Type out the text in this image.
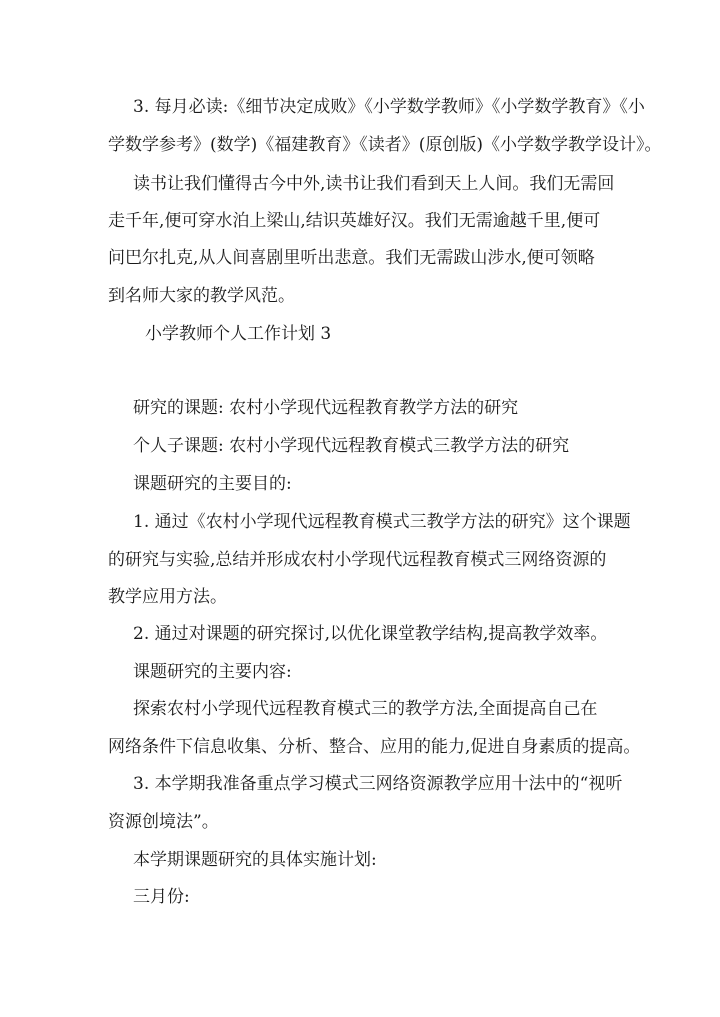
3. 每月必读:《细节决定成败》《小学数学教师》《小学数学教育》《小
学数学参考》(数学)《福建教育》《读者》(原创版)《小学数学教学设计》。
读书让我们懂得古今中外,读书让我们看到天上人间。我们无需回
走千年,便可穿水泊上梁山,结识英雄好汉。我们无需逾越千里,便可
问巴尔扎克,从人间喜剧里听出悲意。我们无需跋山涉水,便可领略
到名师大家的教学风范。
小学教师个人工作计划 3
研究的课题: 农村小学现代远程教育教学方法的研究
个人子课题: 农村小学现代远程教育模式三教学方法的研究
课题研究的主要目的:
1. 通过《农村小学现代远程教育模式三教学方法的研究》这个课题
的研究与实验,总结并形成农村小学现代远程教育模式三网络资源的
教学应用方法。
2. 通过对课题的研究探讨,以优化课堂教学结构,提高教学效率。
课题研究的主要内容:
探索农村小学现代远程教育模式三的教学方法,全面提高自己在
网络条件下信息收集、分析、整合、应用的能力,促进自身素质的提高。
3. 本学期我准备重点学习模式三网络资源教学应用十法中的“视听
资源创境法”。
本学期课题研究的具体实施计划:
三月份:
